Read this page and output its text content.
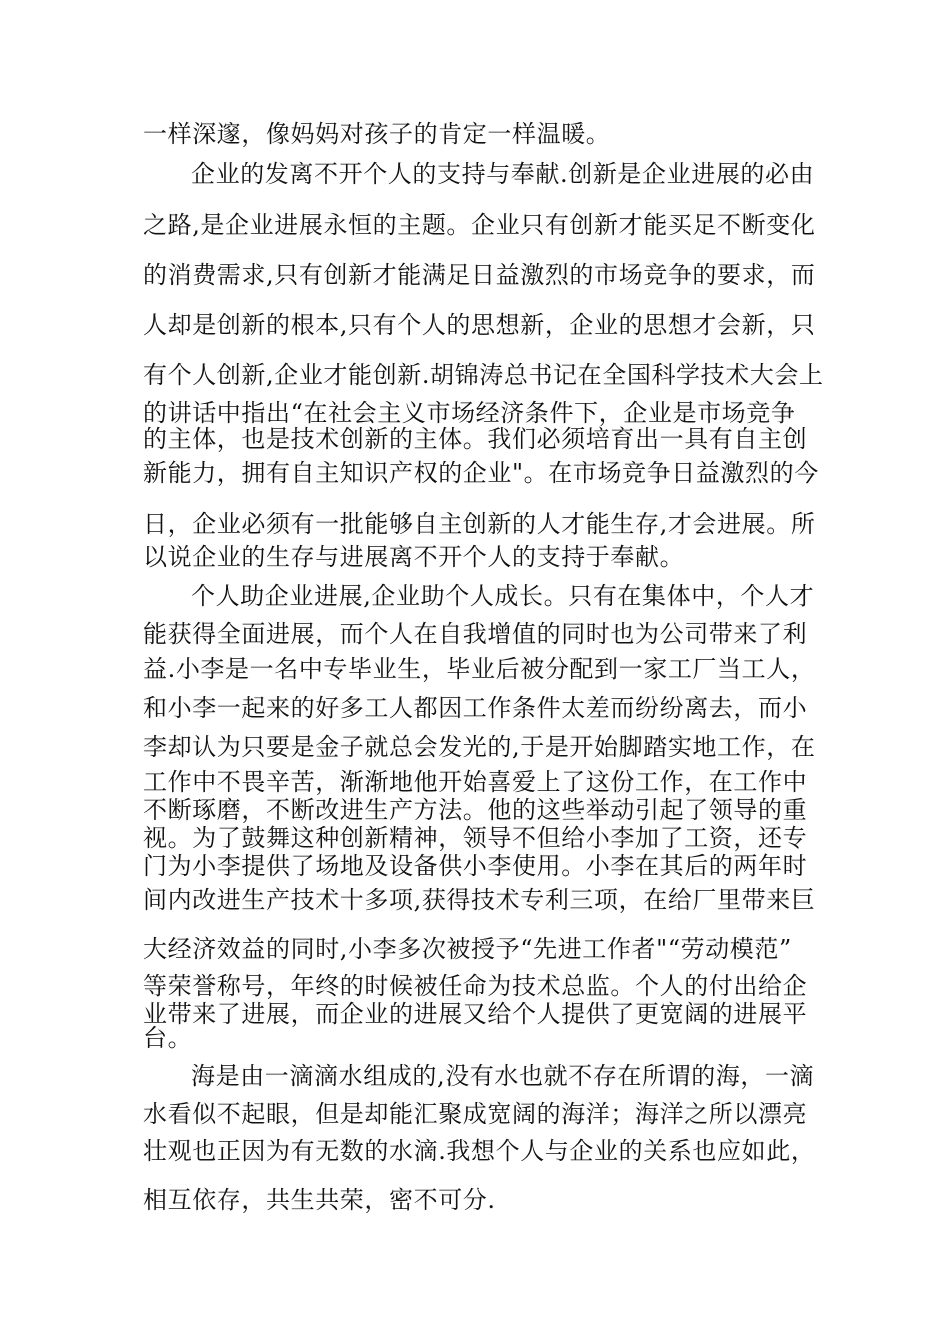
一样深邃，像妈妈对孩子的肯定一样温暖。
企业的发离不开个人的支持与奉献.创新是企业进展的必由
之路,是企业进展永恒的主题。企业只有创新才能买足不断变化
的消费需求,只有创新才能满足日益激烈的市场竞争的要求，而
人却是创新的根本,只有个人的思想新，企业的思想才会新，只
有个人创新,企业才能创新.胡锦涛总书记在全国科学技术大会上
的讲话中指出“在社会主义市场经济条件下，企业是市场竞争
的主体，也是技术创新的主体。我们必须培育出一具有自主创
新能力，拥有自主知识产权的企业"。在市场竞争日益激烈的今
日，企业必须有一批能够自主创新的人才能生存,才会进展。所
以说企业的生存与进展离不开个人的支持于奉献。
个人助企业进展,企业助个人成长。只有在集体中，个人才
能获得全面进展，而个人在自我增值的同时也为公司带来了利
益.小李是一名中专毕业生，毕业后被分配到一家工厂当工人，
和小李一起来的好多工人都因工作条件太差而纷纷离去，而小
李却认为只要是金子就总会发光的,于是开始脚踏实地工作，在
工作中不畏辛苦，渐渐地他开始喜爱上了这份工作，在工作中
不断琢磨，不断改进生产方法。他的这些举动引起了领导的重
视。为了鼓舞这种创新精神，领导不但给小李加了工资，还专
门为小李提供了场地及设备供小李使用。小李在其后的两年时
间内改进生产技术十多项,获得技术专利三项，在给厂里带来巨
大经济效益的同时,小李多次被授予“先进工作者"“劳动模范”
等荣誉称号，年终的时候被任命为技术总监。个人的付出给企
业带来了进展，而企业的进展又给个人提供了更宽阔的进展平
台。
海是由一滴滴水组成的,没有水也就不存在所谓的海，一滴
水看似不起眼，但是却能汇聚成宽阔的海洋；海洋之所以漂亮
壮观也正因为有无数的水滴.我想个人与企业的关系也应如此，
相互依存，共生共荣，密不可分.
